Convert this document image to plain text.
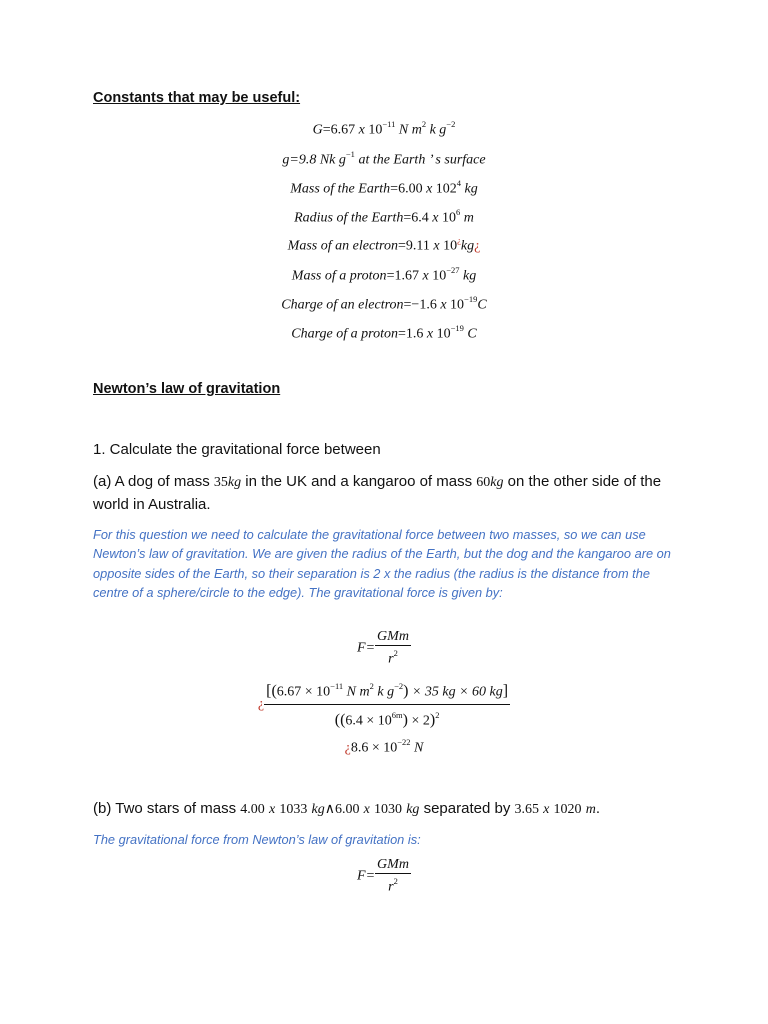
Constants that may be useful:
G=6.67 x $10^{-11}$ N $m^2$ k $g^{-2}$
g=9.8 Nk $g^{-1}$ at the Earth ’ s surface
Mass of the Earth=6.00 x $102^4$ kg
Radius of the Earth=6.4 x $10^6$ m
Mass of an electron=9.11 x 10¿kg¿
Mass of a proton=1.67 x $10^{-27}$ kg
Charge of an electron=−1.6 x $10^{-19}C$
Charge of a proton=1.6 x $10^{-19}$ C
Newton’s law of gravitation
1. Calculate the gravitational force between
(a) A dog of mass 35kg in the UK and a kangaroo of mass 60kg on the other side of the world in Australia.
For this question we need to calculate the gravitational force between two masses, so we can use Newton’s law of gravitation. We are given the radius of the Earth, but the dog and the kangaroo are on opposite sides of the Earth, so their separation is 2 x the radius (the radius is the distance from the centre of a sphere/circle to the edge). The gravitational force is given by:
$F= \frac{\text{GMm}}{r^2}$
¿ $\frac{[(6.67 \times 10^{-11} N m^2 k g^{-2}) \times 35 kg \times 60 kg]}{((6.4 \times 10^{6m}) \times 2)^2}$
¿$8.6 \times 10^{-22}$ N
(b) Two stars of mass 4.00 x 1033 kg∧6.00 x 1030 kg separated by 3.65 x 1020 m.
The gravitational force from Newton’s law of gravitation is:
$F= \frac{\text{GMm}}{r^2}$
